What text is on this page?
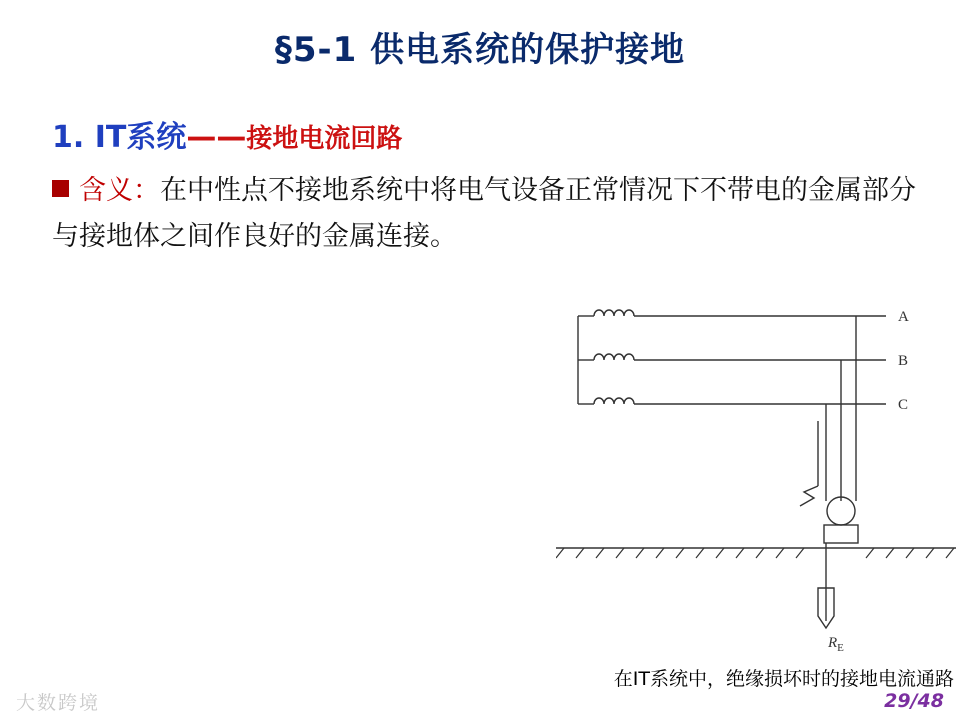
§5-1 供电系统的保护接地
1. IT系统——接地电流回路
含义：在中性点不接地系统中将电气设备正常情况下不带电的金属部分与接地体之间作良好的金属连接。
A
B
C
$R_E$
在IT系统中，绝缘损坏时的接地电流通路
29/48
大数跨境
